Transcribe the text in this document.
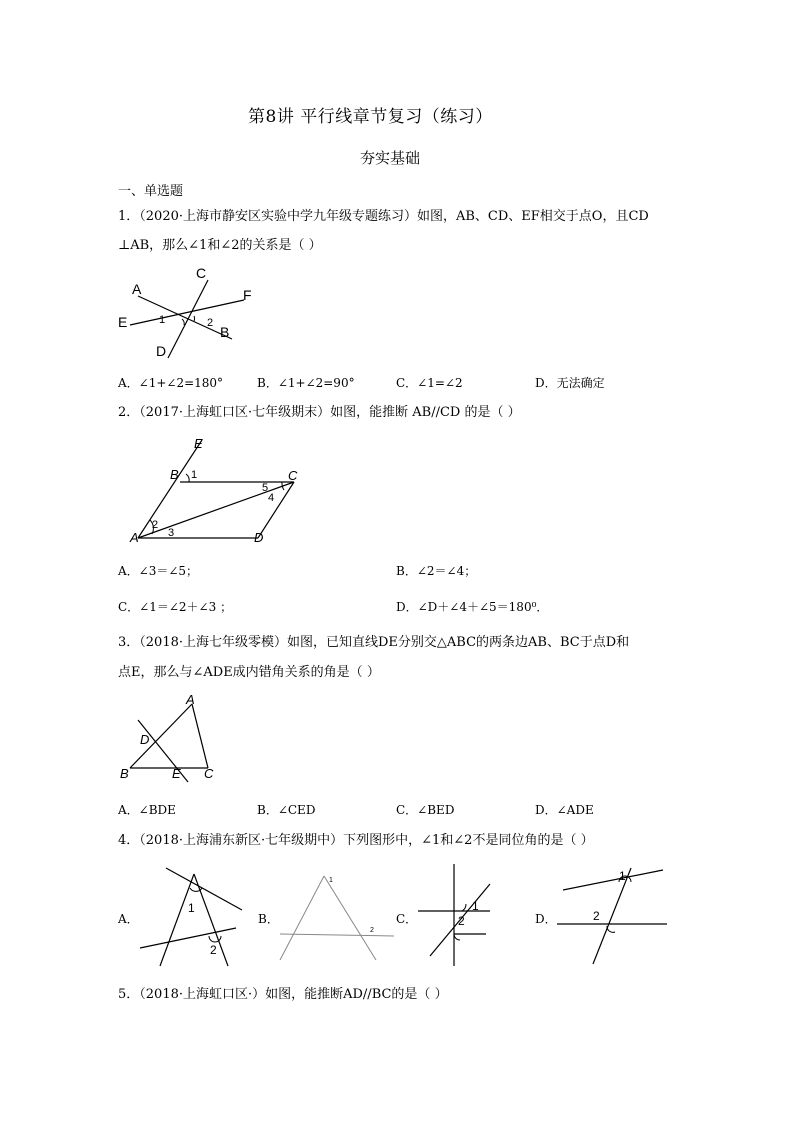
第8讲 平行线章节复习（练习）
夯实基础
一、单选题
1．（2020·上海市静安区实验中学九年级专题练习）如图，AB、CD、EF相交于点O，且CD
⊥AB，那么∠1和∠2的关系是（ ）
A
C
F
E
B
D
1	2
A．∠1+∠2=180°	B．∠1+∠2=90°	C．∠1=∠2	D．无法确定
2．（2017·上海虹口区·七年级期末）如图，能推断 AB//CD 的是（ ）
E
B	C
A	D
1
2
3
4
5
A．∠3＝∠5；	B．∠2＝∠4；
C．∠1＝∠2＋∠3 ；	D．∠D＋∠4＋∠5＝180⁰．
3．（2018·上海七年级零模）如图，已知直线DE分别交△ABC的两条边AB、BC于点D和
点E，那么与∠ADE成内错角关系的角是（ ）
A
D
B	E C
A．∠BDE	B．∠CED	C．∠BED	D．∠ADE
4．（2018·上海浦东新区·七年级期中）下列图形中，∠1和∠2不是同位角的是（ ）
A．
1
2
B．
1
2
C．
1
2	D．
1
2
5．（2018·上海虹口区·）如图，能推断AD//BC的是（ ）
